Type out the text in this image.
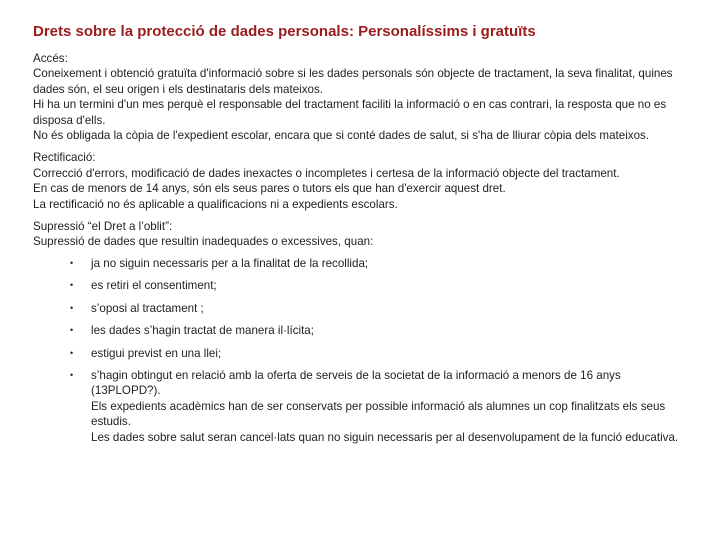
Drets sobre la protecció de dades personals: Personalíssims i gratuïts

Accés:

Coneixement i obtenció gratuïta d'informació sobre si les dades personals són objecte de tractament, la seva finalitat, quines dades són, el seu origen i els destinataris dels mateixos.

Hi ha un termini d'un mes perquè el responsable del tractament faciliti la informació o en cas contrari, la resposta que no es disposa d'ells.

No és obligada la còpia de l'expedient escolar, encara que si conté dades de salut, si s'ha de lliurar còpia dels mateixos.

Rectificació:

Correcció d'errors, modificació de dades inexactes o incompletes i certesa de la informació objecte del tractament.

En cas de menors de 14 anys, són els seus pares o tutors els que han d'exercir aquest dret.

La rectificació no és aplicable a qualificacions ni a expedients escolars.

Supressió “el Dret a l’oblit”:

Supressió de dades que resultin inadequades o excessives, quan:

• ja no siguin necessaris per a la finalitat de la recollida;

• es retiri el consentiment;

• s’oposi al tractament ;

• les dades s’hagin tractat de manera il·lícita;

• estigui previst en una llei;

• s’hagin obtingut en relació amb la oferta de serveis de la societat de la informació a menors de 16 anys (13PLOPD?).

Els expedients acadèmics han de ser conservats per possible informació als alumnes un cop finalitzats els seus estudis.

Les dades sobre salut seran cancel·lats quan no siguin necessaris per al desenvolupament de la funció educativa.
